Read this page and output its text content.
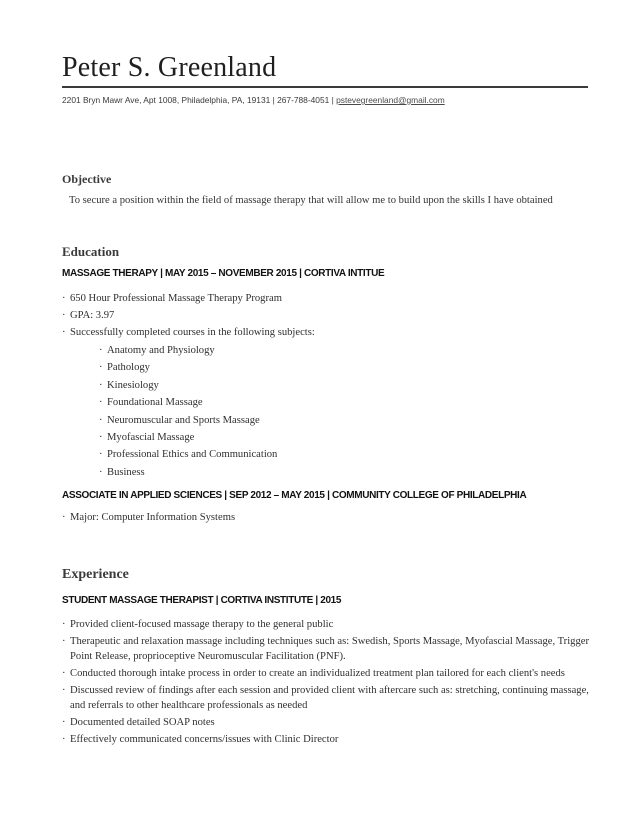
Peter S. Greenland
2201 Bryn Mawr Ave, Apt 1008, Philadelphia, PA, 19131 | 267-788-4051 | pstevegreenland@gmail.com
Objective
To secure a position within the field of massage therapy that will allow me to build upon the skills I have obtained
Education
MASSAGE THERAPY | MAY 2015 – NOVEMBER 2015 | CORTIVA INTITUE
· 650 Hour Professional Massage Therapy Program
· GPA: 3.97
· Successfully completed courses in the following subjects:
· Anatomy and Physiology
· Pathology
· Kinesiology
· Foundational Massage
· Neuromuscular and Sports Massage
· Myofascial Massage
· Professional Ethics and Communication
· Business
ASSOCIATE IN APPLIED SCIENCES | SEP 2012 – MAY 2015 | COMMUNITY COLLEGE OF PHILADELPHIA
· Major: Computer Information Systems
Experience
STUDENT MASSAGE THERAPIST | CORTIVA INSTITUTE | 2015
· Provided client-focused massage therapy to the general public
· Therapeutic and relaxation massage including techniques such as: Swedish, Sports Massage, Myofascial Massage, Trigger Point Release, proprioceptive Neuromuscular Facilitation (PNF).
· Conducted thorough intake process in order to create an individualized treatment plan tailored for each client's needs
· Discussed review of findings after each session and provided client with aftercare such as: stretching, continuing massage, and referrals to other healthcare professionals as needed
· Documented detailed SOAP notes
· Effectively communicated concerns/issues with Clinic Director
